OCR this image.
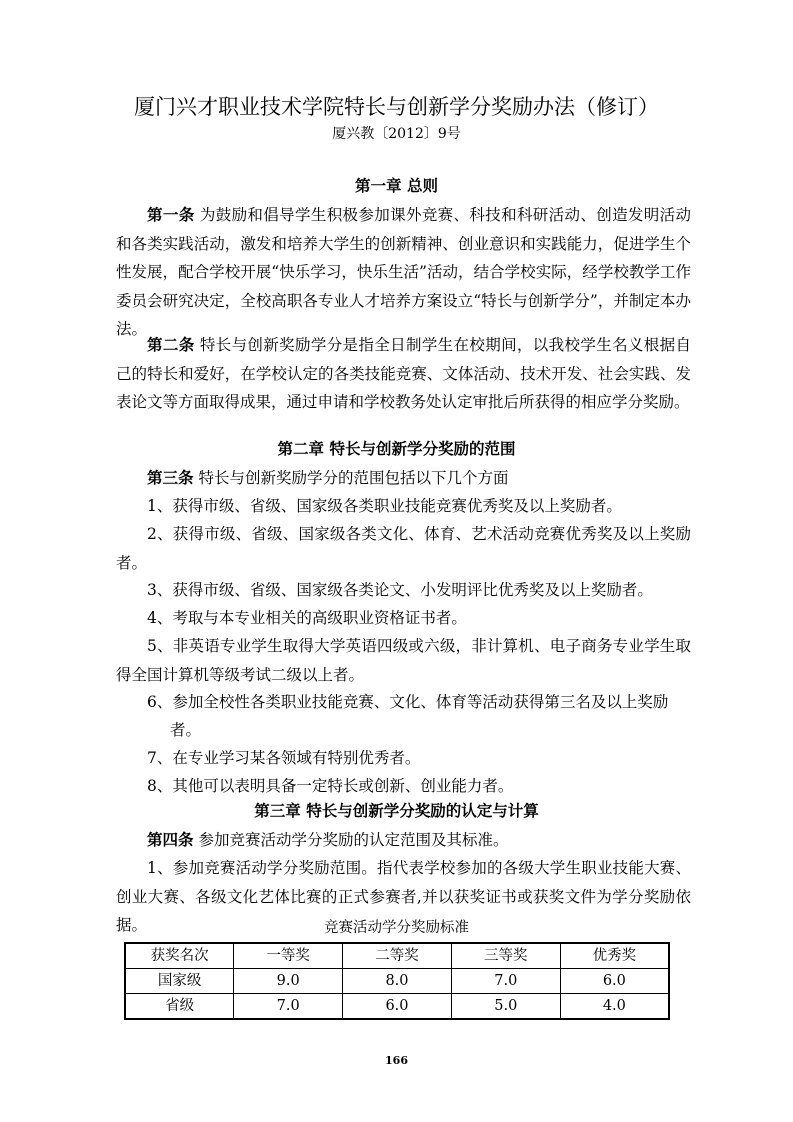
厦门兴才职业技术学院特长与创新学分奖励办法（修订）
厦兴教〔2012〕9号
第一章 总则

第一条 为鼓励和倡导学生积极参加课外竞赛、科技和科研活动、创造发明活动和各类实践活动，激发和培养大学生的创新精神、创业意识和实践能力，促进学生个性发展，配合学校开展“快乐学习，快乐生活”活动，结合学校实际，经学校教学工作委员会研究决定，全校高职各专业人才培养方案设立“特长与创新学分”，并制定本办法。

第二条 特长与创新奖励学分是指全日制学生在校期间，以我校学生名义根据自己的特长和爱好，在学校认定的各类技能竞赛、文体活动、技术开发、社会实践、发表论文等方面取得成果，通过申请和学校教务处认定审批后所获得的相应学分奖励。

第二章 特长与创新学分奖励的范围

第三条 特长与创新奖励学分的范围包括以下几个方面

1、获得市级、省级、国家级各类职业技能竞赛优秀奖及以上奖励者。

2、获得市级、省级、国家级各类文化、体育、艺术活动竞赛优秀奖及以上奖励者。

3、获得市级、省级、国家级各类论文、小发明评比优秀奖及以上奖励者。

4、考取与本专业相关的高级职业资格证书者。

5、非英语专业学生取得大学英语四级或六级，非计算机、电子商务专业学生取得全国计算机等级考试二级以上者。

6、参加全校性各类职业技能竞赛、文化、体育等活动获得第三名及以上奖励

者。

7、在专业学习某各领域有特别优秀者。

8、其他可以表明具备一定特长或创新、创业能力者。

第三章 特长与创新学分奖励的认定与计算

第四条 参加竞赛活动学分奖励的认定范围及其标准。

1、参加竞赛活动学分奖励范围。指代表学校参加的各级大学生职业技能大赛、创业大赛、各级文化艺体比赛的正式参赛者,并以获奖证书或获奖文件为学分奖励依据。	竞赛活动学分奖励标准
获奖名次	一等奖	二等奖	三等奖	优秀奖
国家级	9.0	8.0	7.0	6.0
省级	7.0	6.0	5.0	4.0
166
